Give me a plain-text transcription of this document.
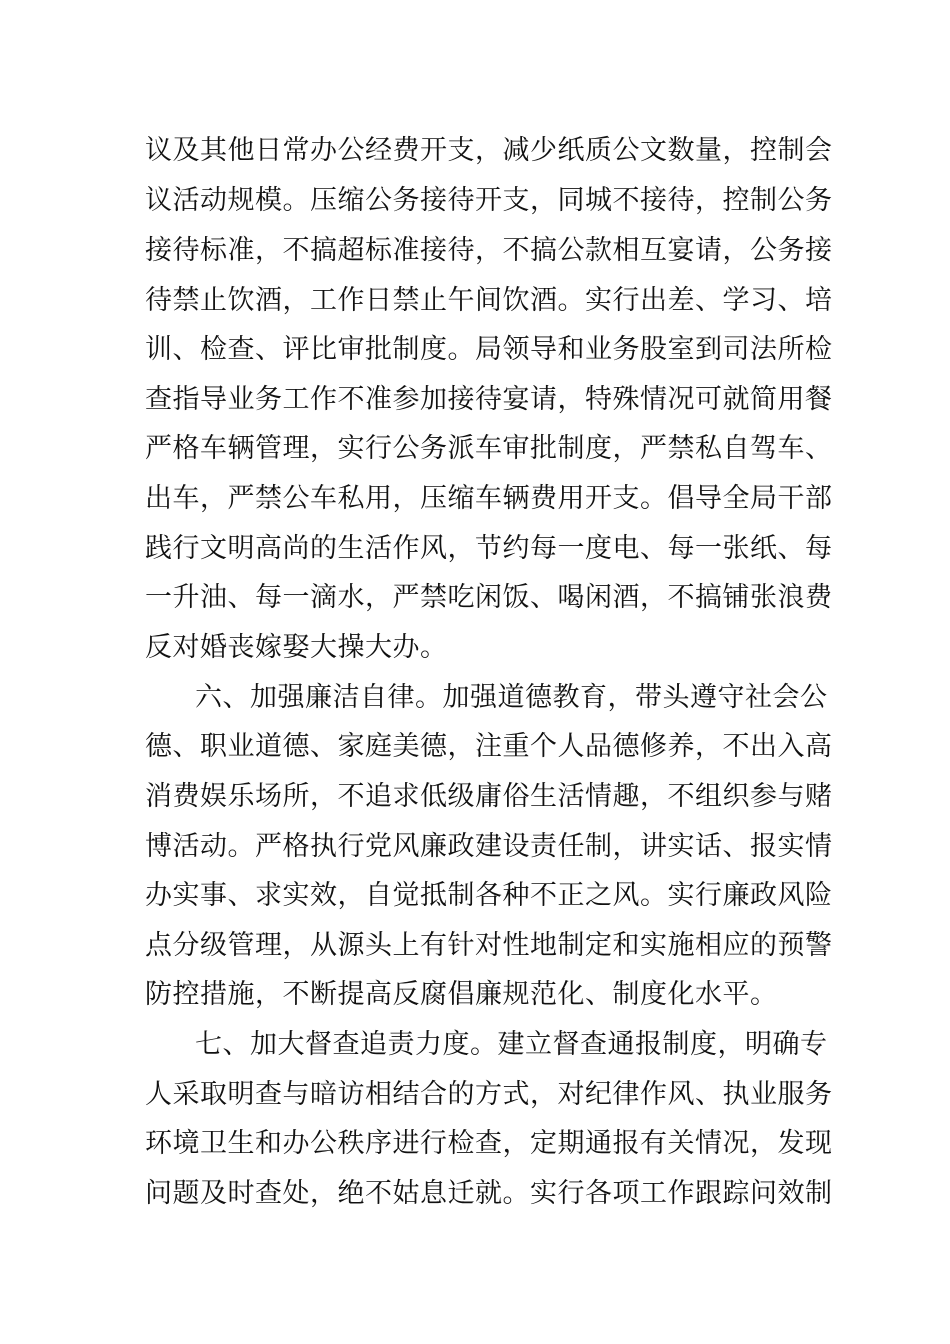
议及其他日常办公经费开支，减少纸质公文数量，控制会
议活动规模。压缩公务接待开支，同城不接待，控制公务
接待标准，不搞超标准接待，不搞公款相互宴请，公务接
待禁止饮酒，工作日禁止午间饮酒。实行出差、学习、培
训、检查、评比审批制度。局领导和业务股室到司法所检
查指导业务工作不准参加接待宴请，特殊情况可就简用餐
严格车辆管理，实行公务派车审批制度，严禁私自驾车、
出车，严禁公车私用，压缩车辆费用开支。倡导全局干部
践行文明高尚的生活作风，节约每一度电、每一张纸、每
一升油、每一滴水，严禁吃闲饭、喝闲酒，不搞铺张浪费
反对婚丧嫁娶大操大办。
六、加强廉洁自律。加强道德教育，带头遵守社会公
德、职业道德、家庭美德，注重个人品德修养，不出入高
消费娱乐场所，不追求低级庸俗生活情趣，不组织参与赌
博活动。严格执行党风廉政建设责任制，讲实话、报实情
办实事、求实效，自觉抵制各种不正之风。实行廉政风险
点分级管理，从源头上有针对性地制定和实施相应的预警
防控措施，不断提高反腐倡廉规范化、制度化水平。
七、加大督查追责力度。建立督查通报制度，明确专
人采取明查与暗访相结合的方式，对纪律作风、执业服务
环境卫生和办公秩序进行检查，定期通报有关情况，发现
问题及时查处，绝不姑息迁就。实行各项工作跟踪问效制
